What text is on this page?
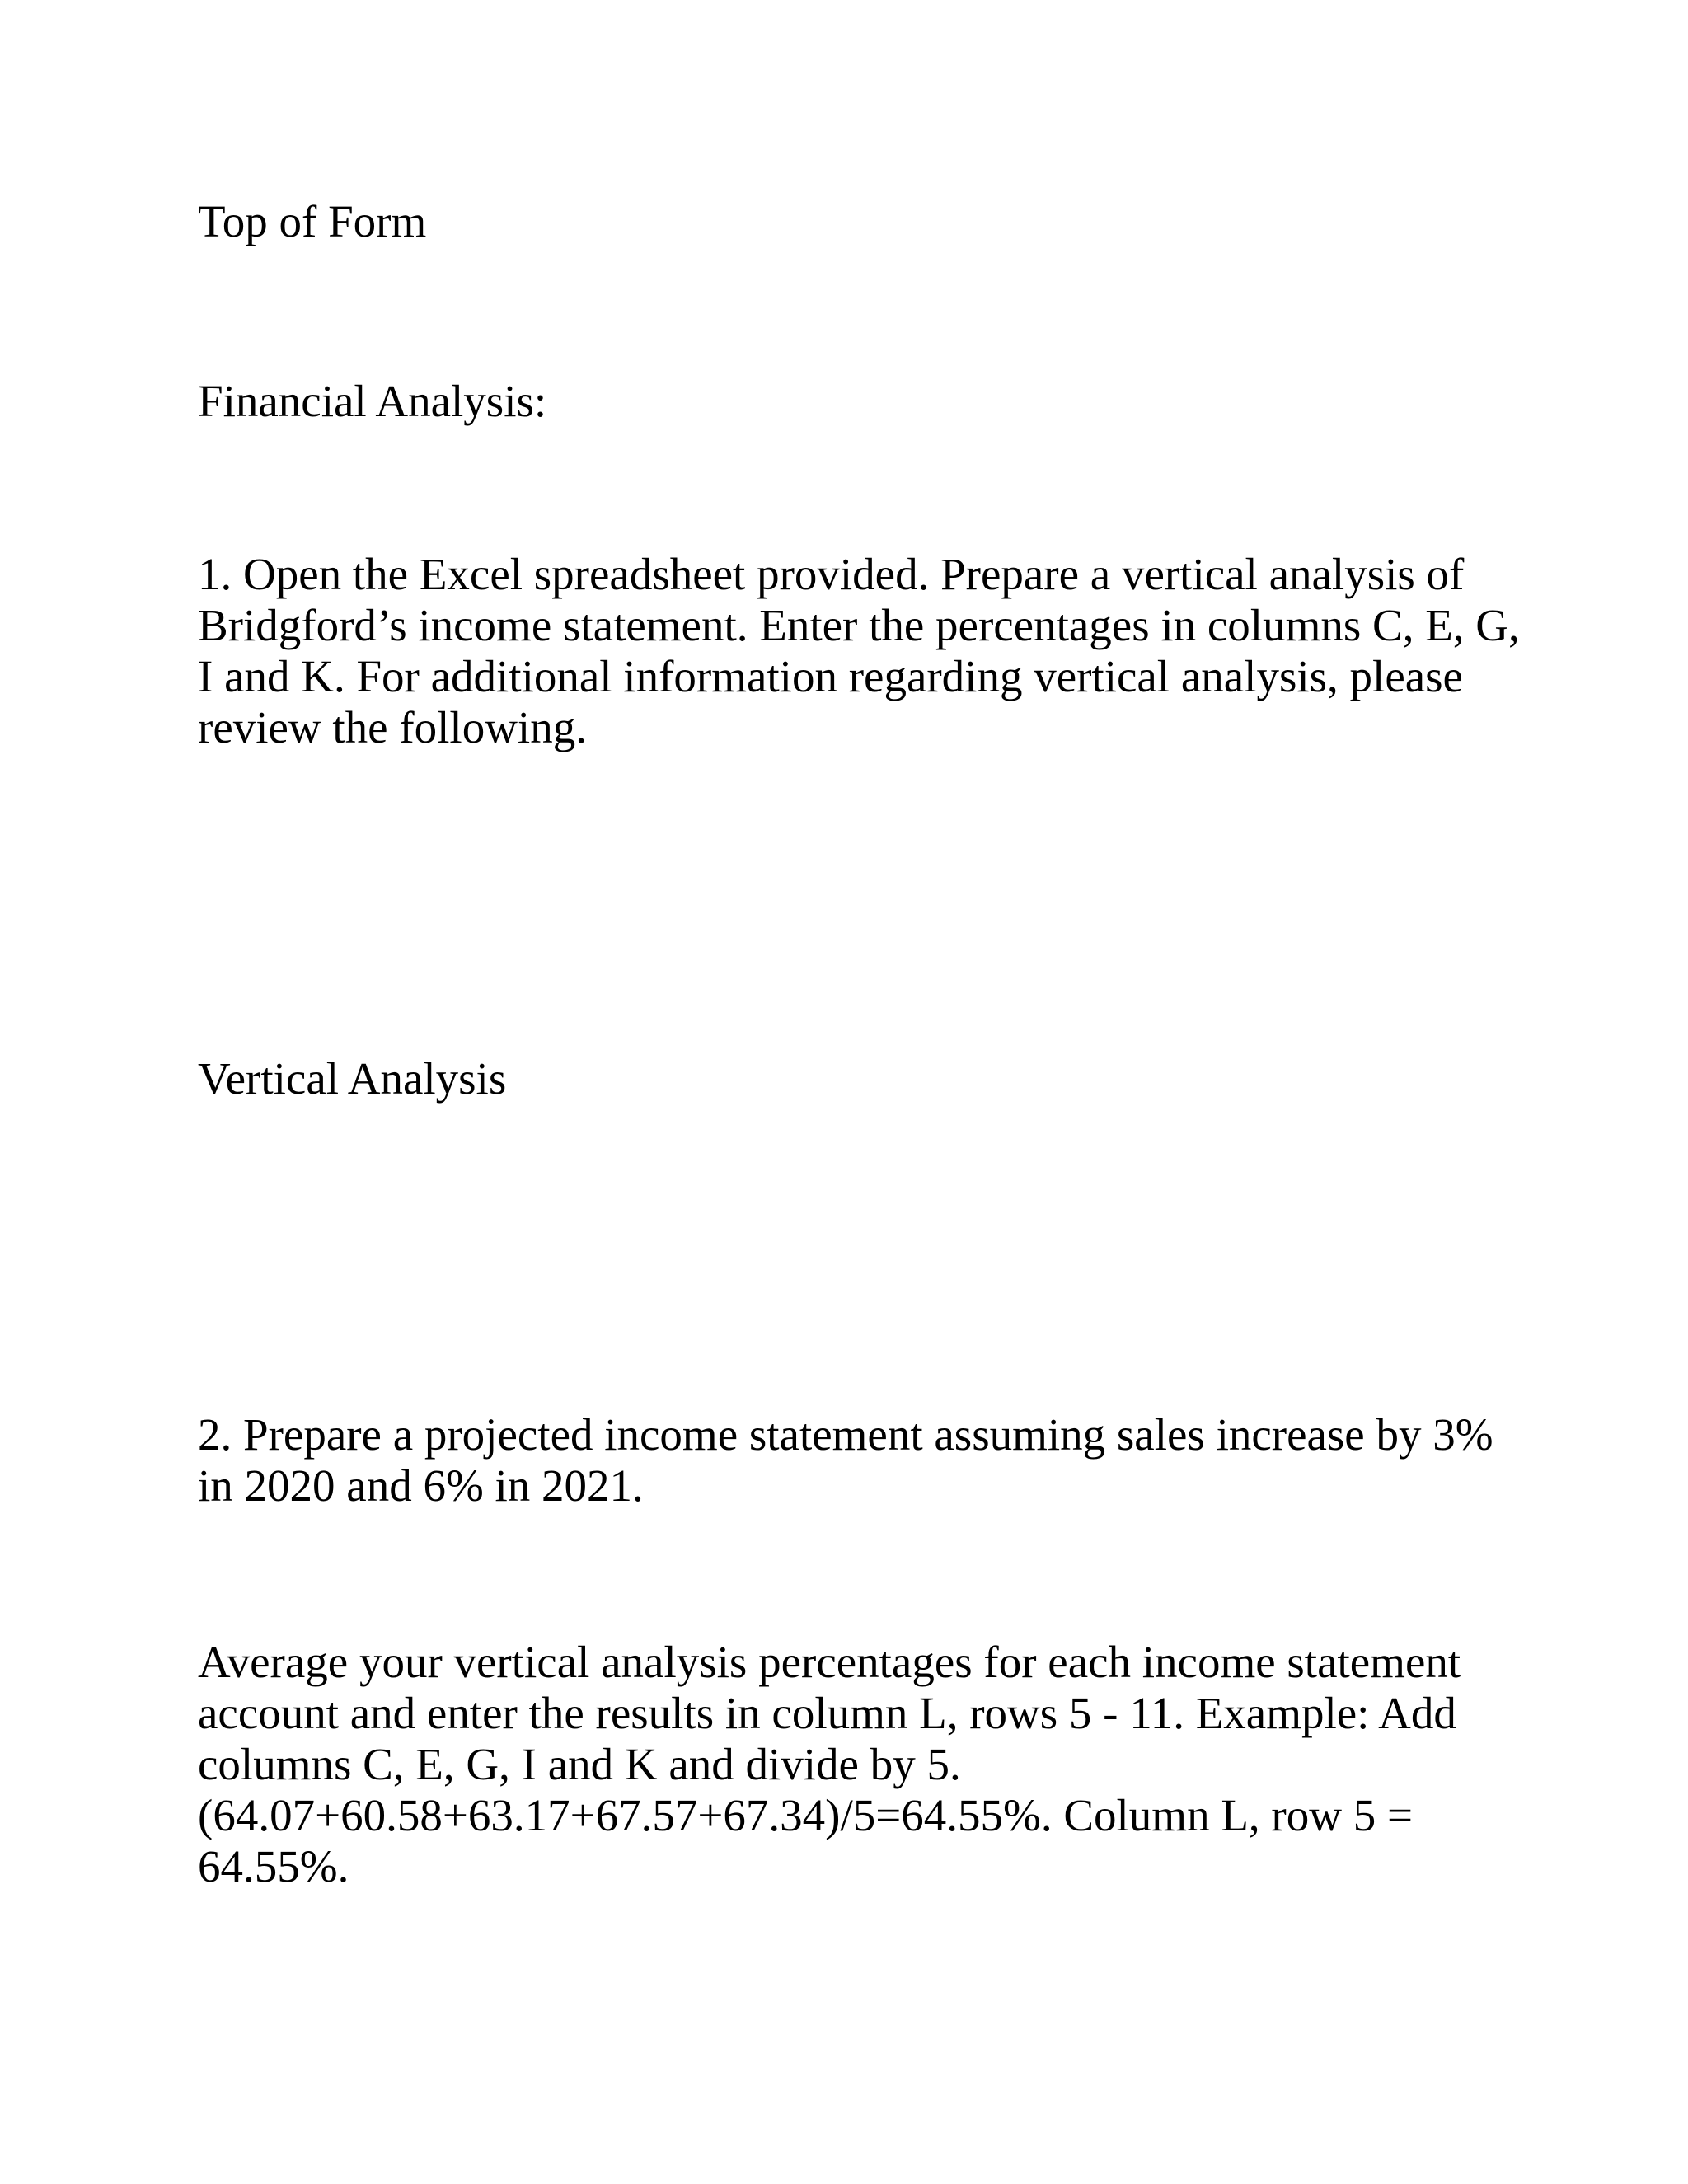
Top of Form

Financial Analysis:

1. Open the Excel spreadsheet provided. Prepare a vertical analysis of
Bridgford’s income statement. Enter the percentages in columns C, E, G,
I and K. For additional information regarding vertical analysis, please
review the following.

Vertical Analysis

2. Prepare a projected income statement assuming sales increase by 3%
in 2020 and 6% in 2021.

Average your vertical analysis percentages for each income statement
account and enter the results in column L, rows 5 - 11. Example: Add
columns C, E, G, I and K and divide by 5.
(64.07+60.58+63.17+67.57+67.34)/5=64.55%. Column L, row 5 =
64.55%.
